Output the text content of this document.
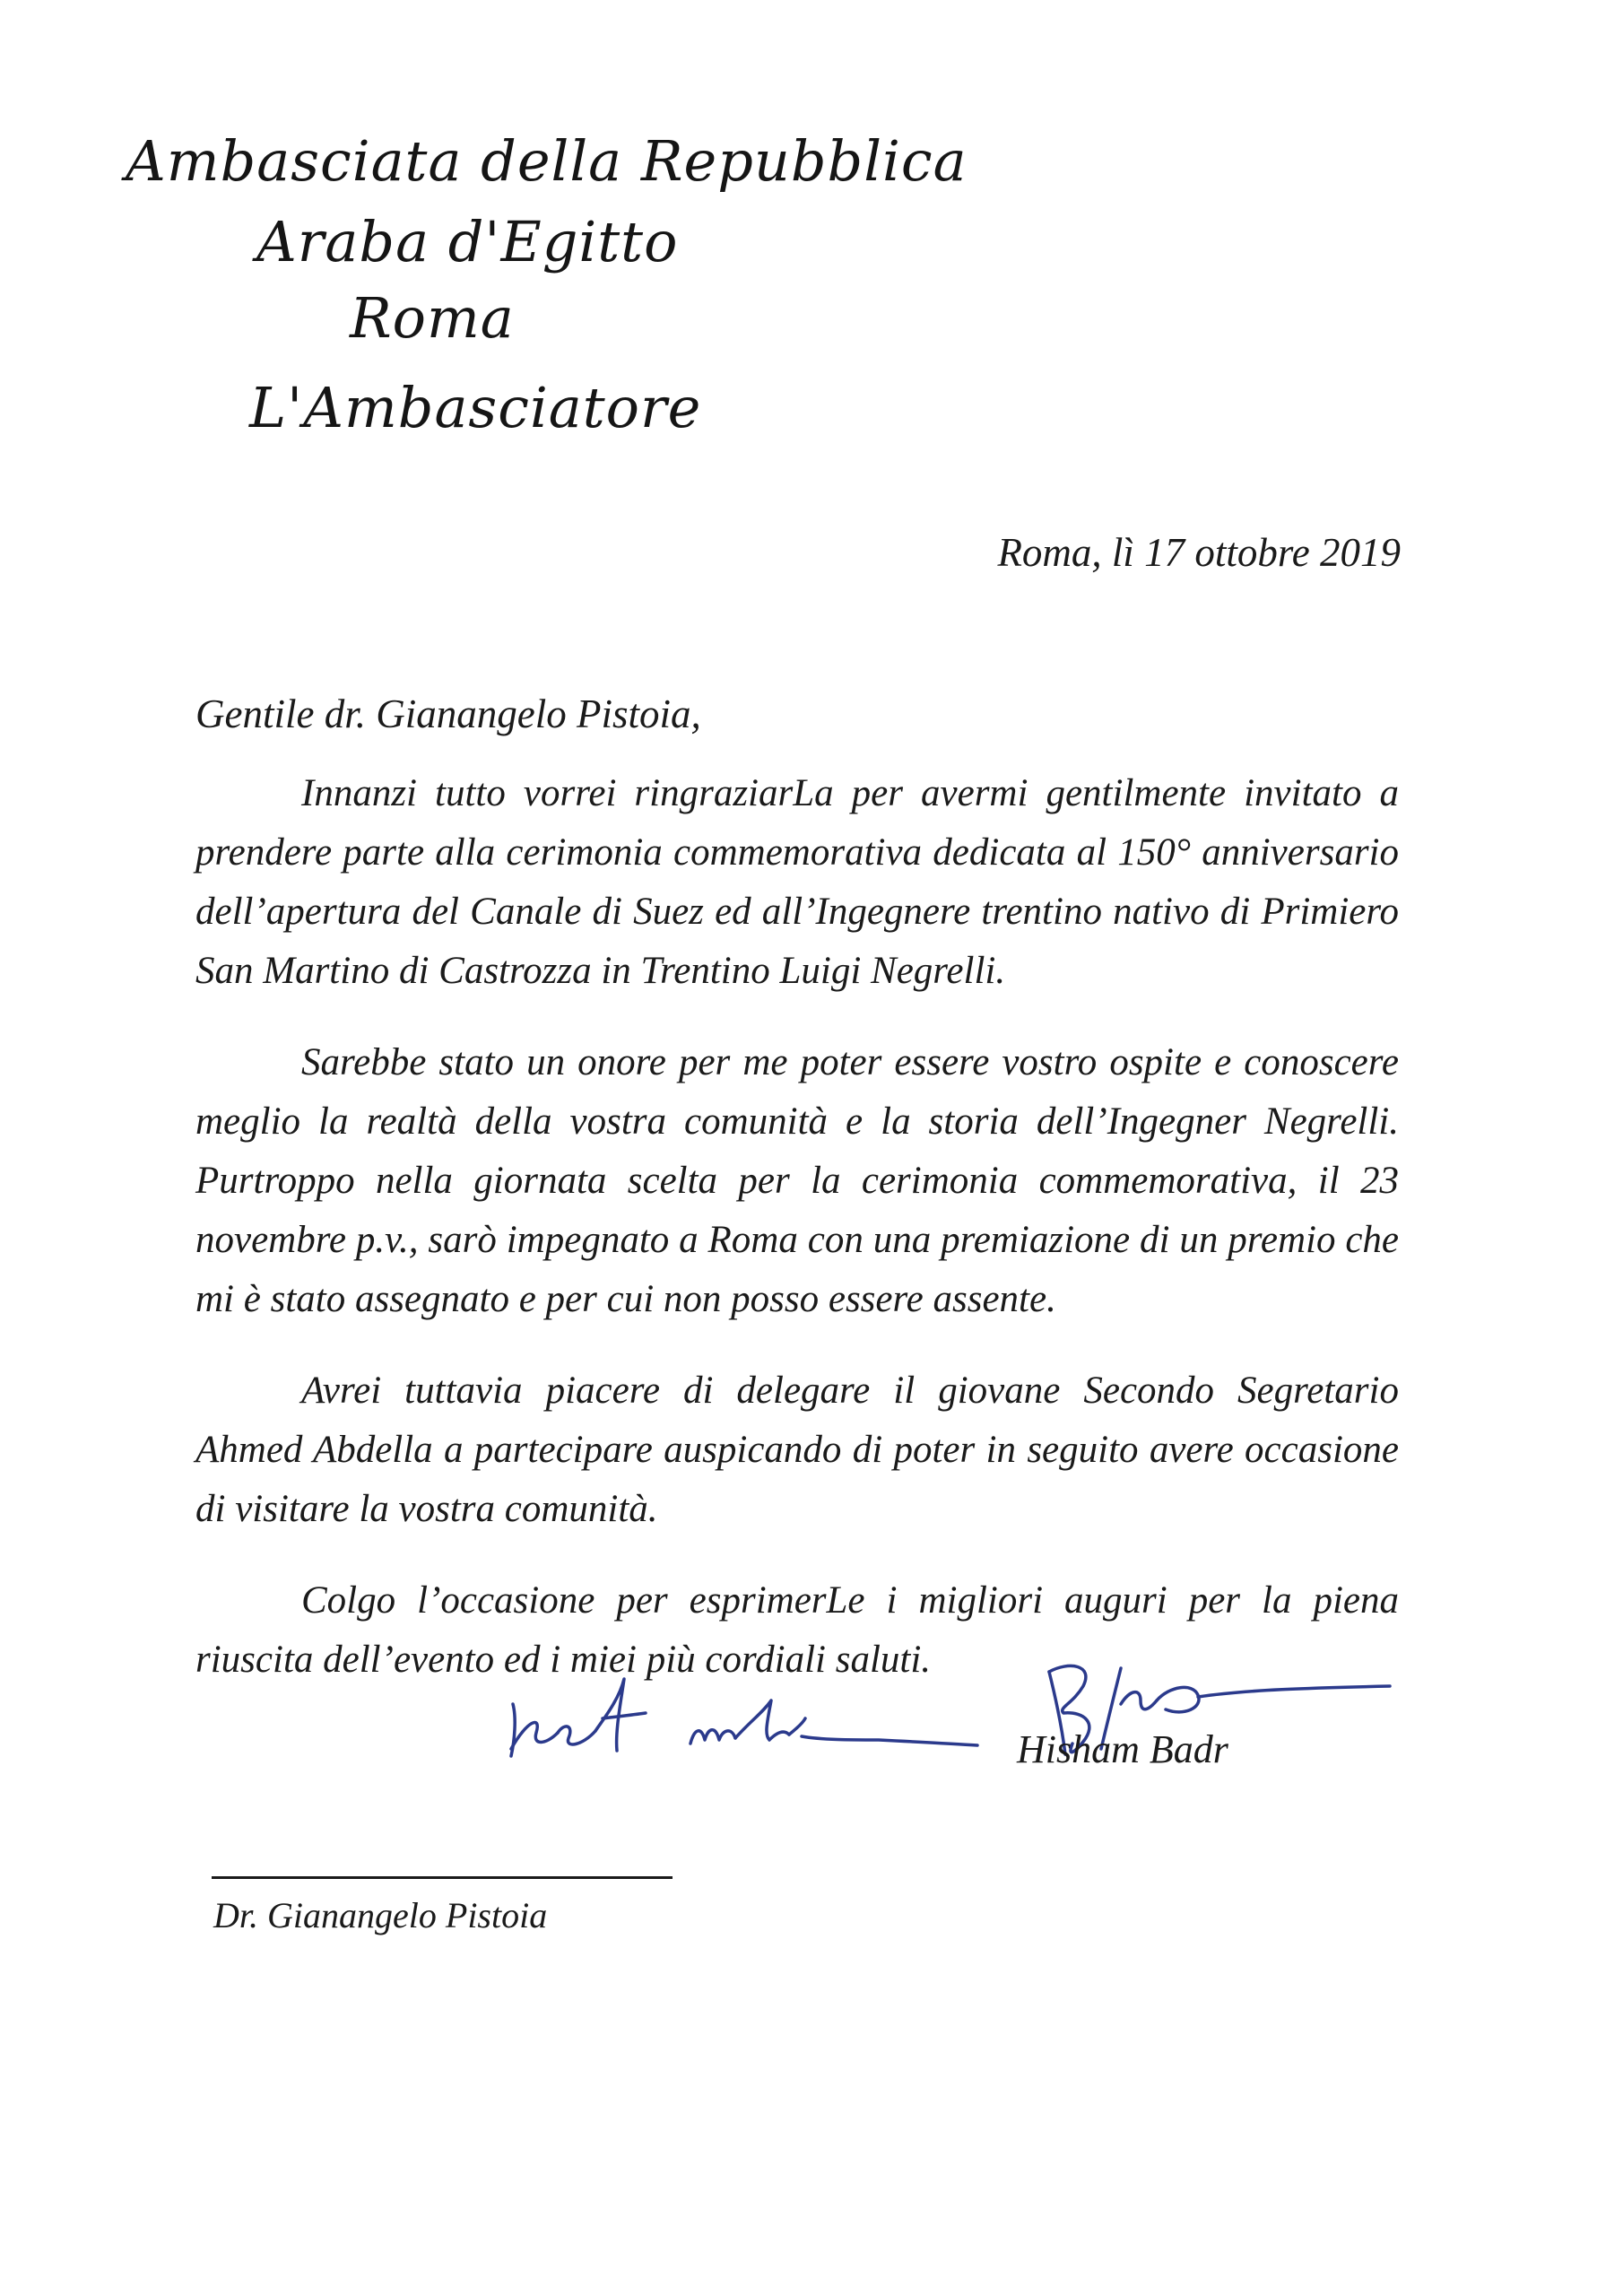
Ambasciata della Repubblica
Araba d'Egitto
Roma
L'Ambasciatore
Roma, lì 17 ottobre 2019
Gentile dr. Gianangelo Pistoia,

Innanzi tutto vorrei ringraziarLa per avermi gentilmente invitato a prendere parte alla cerimonia commemorativa dedicata al 150° anniversario dell’apertura del Canale di Suez ed all’Ingegnere trentino nativo di Primiero San Martino di Castrozza in Trentino Luigi Negrelli.

Sarebbe stato un onore per me poter essere vostro ospite e conoscere meglio la realtà della vostra comunità e la storia dell’Ingegner Negrelli. Purtroppo nella giornata scelta per la cerimonia commemorativa, il 23 novembre p.v., sarò impegnato a Roma con una premiazione di un premio che mi è stato assegnato e per cui non posso essere assente.

Avrei tuttavia piacere di delegare il giovane Secondo Segretario Ahmed Abdella a partecipare auspicando di poter in seguito avere occasione di visitare la vostra comunità.

Colgo l’occasione per esprimerLe i migliori auguri per la piena riuscita dell’evento ed i miei più cordiali saluti.

Hisham Badr
Dr. Gianangelo Pistoia
